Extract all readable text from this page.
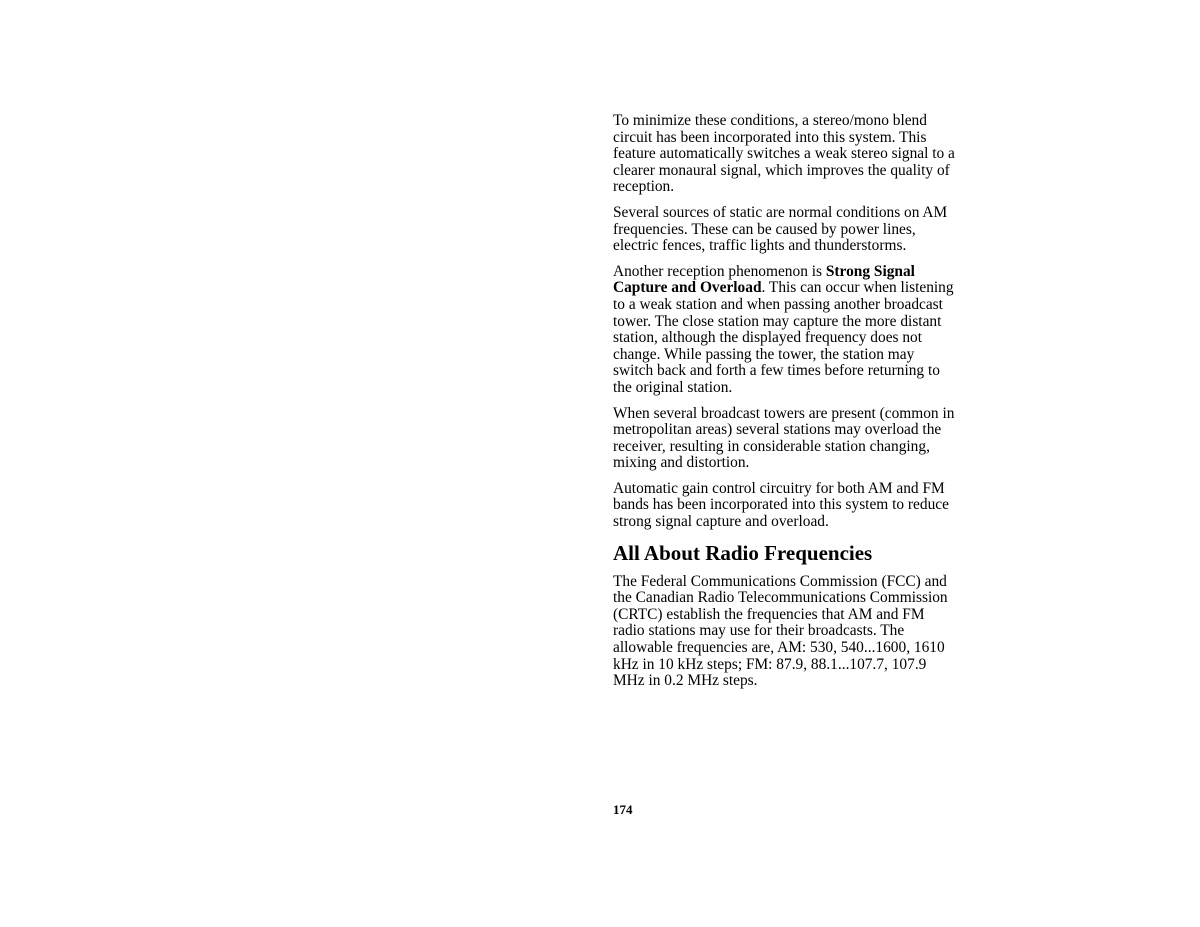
To minimize these conditions, a stereo/mono blend circuit has been incorporated into this system. This feature automatically switches a weak stereo signal to a clearer monaural signal, which improves the quality of reception.

Several sources of static are normal conditions on AM frequencies. These can be caused by power lines, electric fences, traffic lights and thunderstorms.

Another reception phenomenon is Strong Signal Capture and Overload. This can occur when listening to a weak station and when passing another broadcast tower. The close station may capture the more distant station, although the displayed frequency does not change. While passing the tower, the station may switch back and forth a few times before returning to the original station.

When several broadcast towers are present (common in metropolitan areas) several stations may overload the receiver, resulting in considerable station changing, mixing and distortion.

Automatic gain control circuitry for both AM and FM bands has been incorporated into this system to reduce strong signal capture and overload.

All About Radio Frequencies

The Federal Communications Commission (FCC) and the Canadian Radio Telecommunications Commission (CRTC) establish the frequencies that AM and FM radio stations may use for their broadcasts. The allowable frequencies are, AM: 530, 540...1600, 1610 kHz in 10 kHz steps; FM: 87.9, 88.1...107.7, 107.9 MHz in 0.2 MHz steps.

174
